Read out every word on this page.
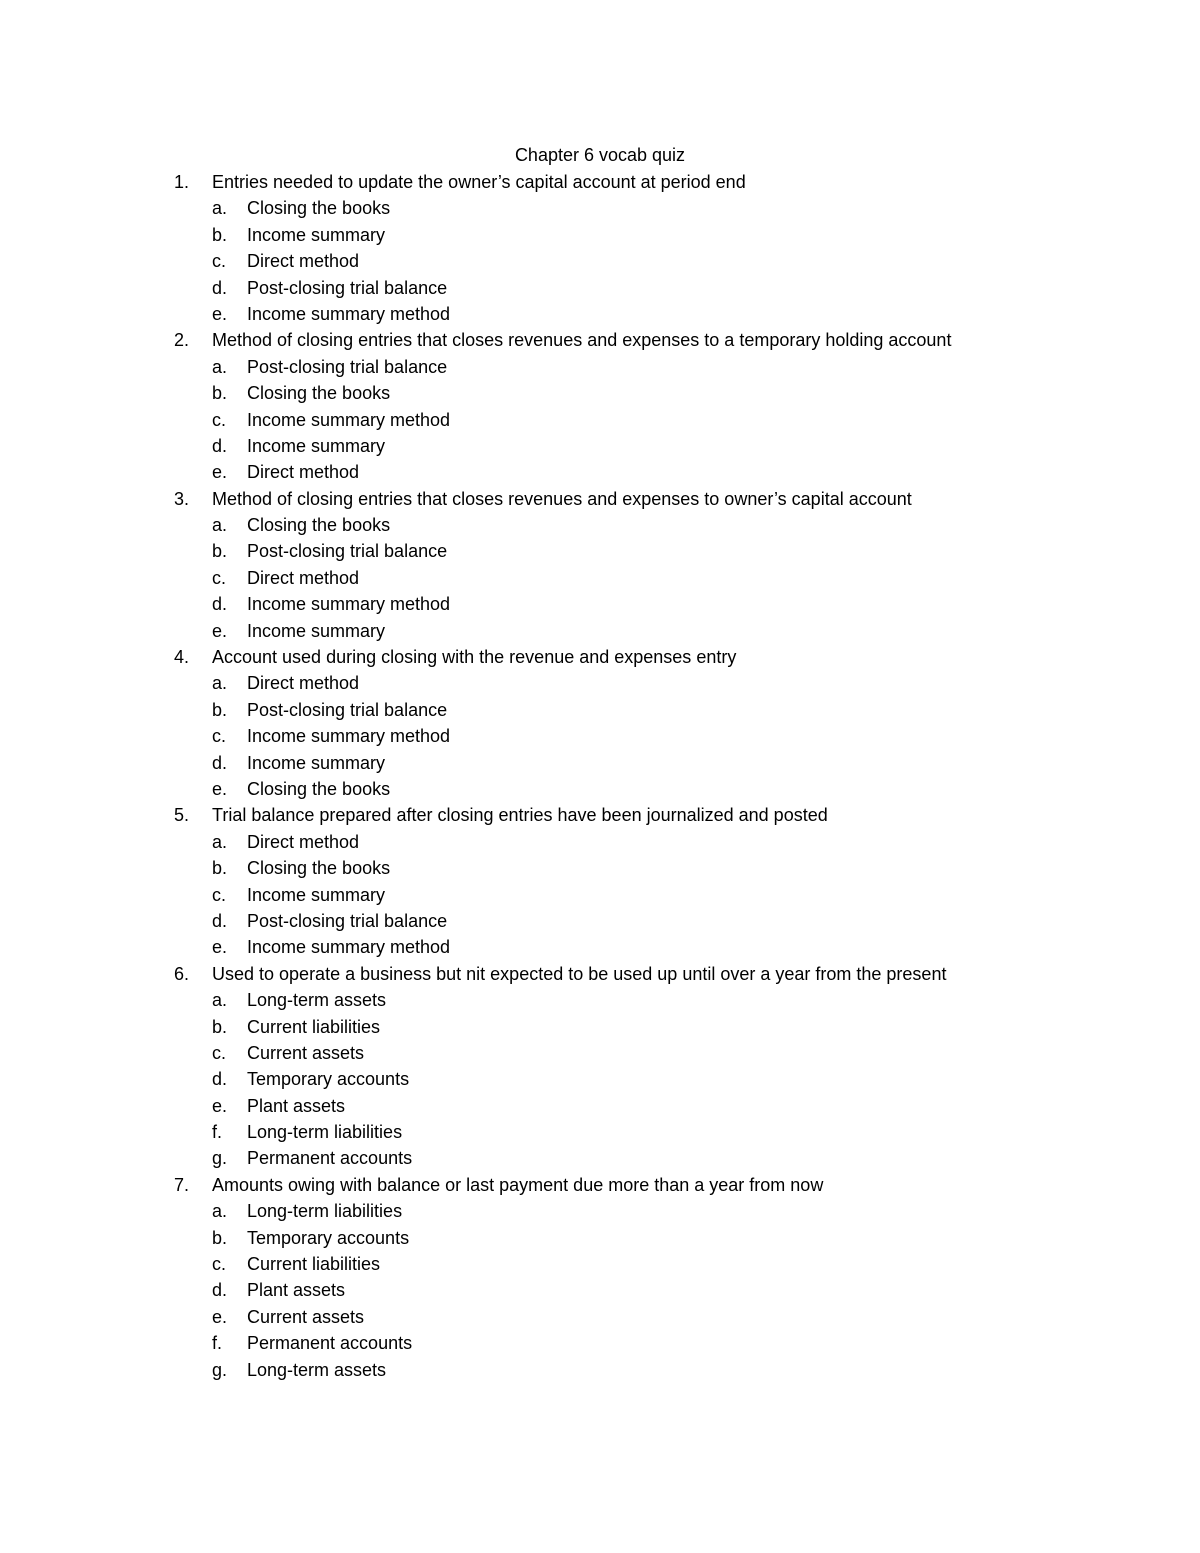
Chapter 6 vocab quiz
1. Entries needed to update the owner’s capital account at period end
a. Closing the books
b. Income summary
c. Direct method
d. Post-closing trial balance
e. Income summary method
2. Method of closing entries that closes revenues and expenses to a temporary holding account
a. Post-closing trial balance
b. Closing the books
c. Income summary method
d. Income summary
e. Direct method
3. Method of closing entries that closes revenues and expenses to owner’s capital account
a. Closing the books
b. Post-closing trial balance
c. Direct method
d. Income summary method
e. Income summary
4. Account used during closing with the revenue and expenses entry
a. Direct method
b. Post-closing trial balance
c. Income summary method
d. Income summary
e. Closing the books
5. Trial balance prepared after closing entries have been journalized and posted
a. Direct method
b. Closing the books
c. Income summary
d. Post-closing trial balance
e. Income summary method
6. Used to operate a business but nit expected to be used up until over a year from the present
a. Long-term assets
b. Current liabilities
c. Current assets
d. Temporary accounts
e. Plant assets
f. Long-term liabilities
g. Permanent accounts
7. Amounts owing with balance or last payment due more than a year from now
a. Long-term liabilities
b. Temporary accounts
c. Current liabilities
d. Plant assets
e. Current assets
f. Permanent accounts
g. Long-term assets
